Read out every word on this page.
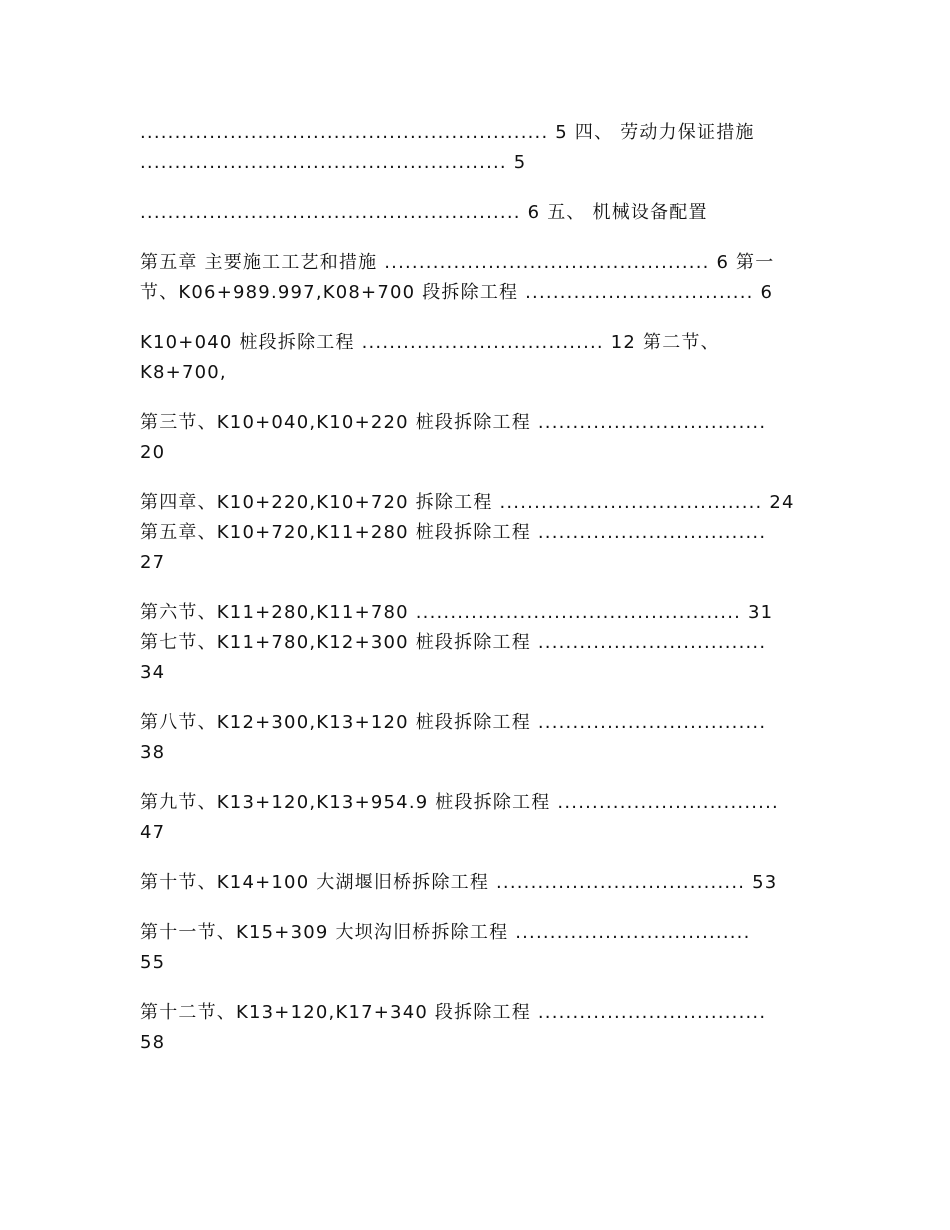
........................................................... 5 四、 劳动力保证措施
..................................................... 5
....................................................... 6 五、 机械设备配置
第五章 主要施工工艺和措施 ............................................... 6 第一
节、K06+989.997,K08+700 段拆除工程 ................................. 6
K10+040 桩段拆除工程 ................................... 12 第二节、
K8+700,
第三节、K10+040,K10+220 桩段拆除工程 .................................
20
第四章、K10+220,K10+720 拆除工程 ...................................... 24
第五章、K10+720,K11+280 桩段拆除工程 .................................
27
第六节、K11+280,K11+780 ............................................... 31
第七节、K11+780,K12+300 桩段拆除工程 .................................
34
第八节、K12+300,K13+120 桩段拆除工程 .................................
38
第九节、K13+120,K13+954.9 桩段拆除工程 ................................
47
第十节、K14+100 大湖堰旧桥拆除工程 .................................... 53
第十一节、K15+309 大坝沟旧桥拆除工程 ..................................
55
第十二节、K13+120,K17+340 段拆除工程 .................................
58
